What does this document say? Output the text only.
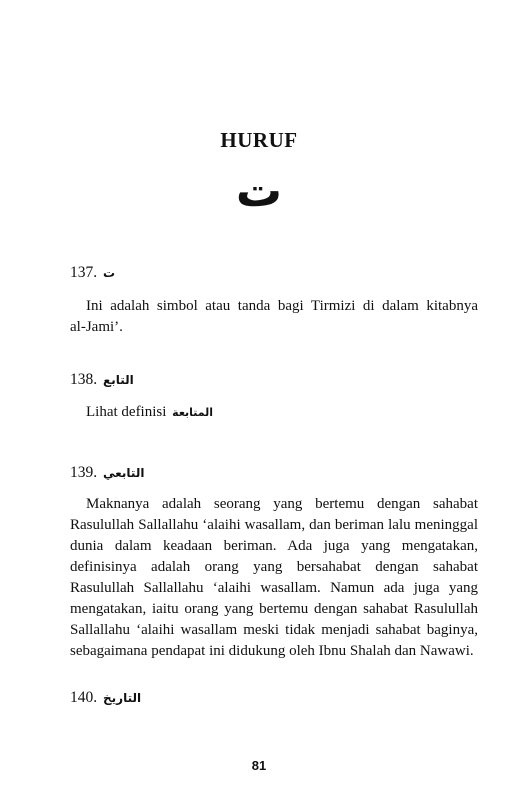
HURUF
ت
137. ت
Ini adalah simbol atau tanda bagi Tirmizi di dalam kitabnya
al-Jami’.
138. التابع
Lihat definisi المتابعة
139. التابعي
Maknanya adalah seorang yang bertemu dengan sahabat
Rasulullah Sallallahu ‘alaihi wasallam, dan beriman lalu meninggal
dunia dalam keadaan beriman. Ada juga yang mengatakan,
definisinya adalah orang yang bersahabat dengan sahabat
Rasulullah Sallallahu ‘alaihi wasallam. Namun ada juga yang
mengatakan, iaitu orang yang bertemu dengan sahabat Rasulullah
Sallallahu ‘alaihi wasallam meski tidak menjadi sahabat baginya,
sebagaimana pendapat ini didukung oleh Ibnu Shalah dan Nawawi.
140. التاريخ
81
